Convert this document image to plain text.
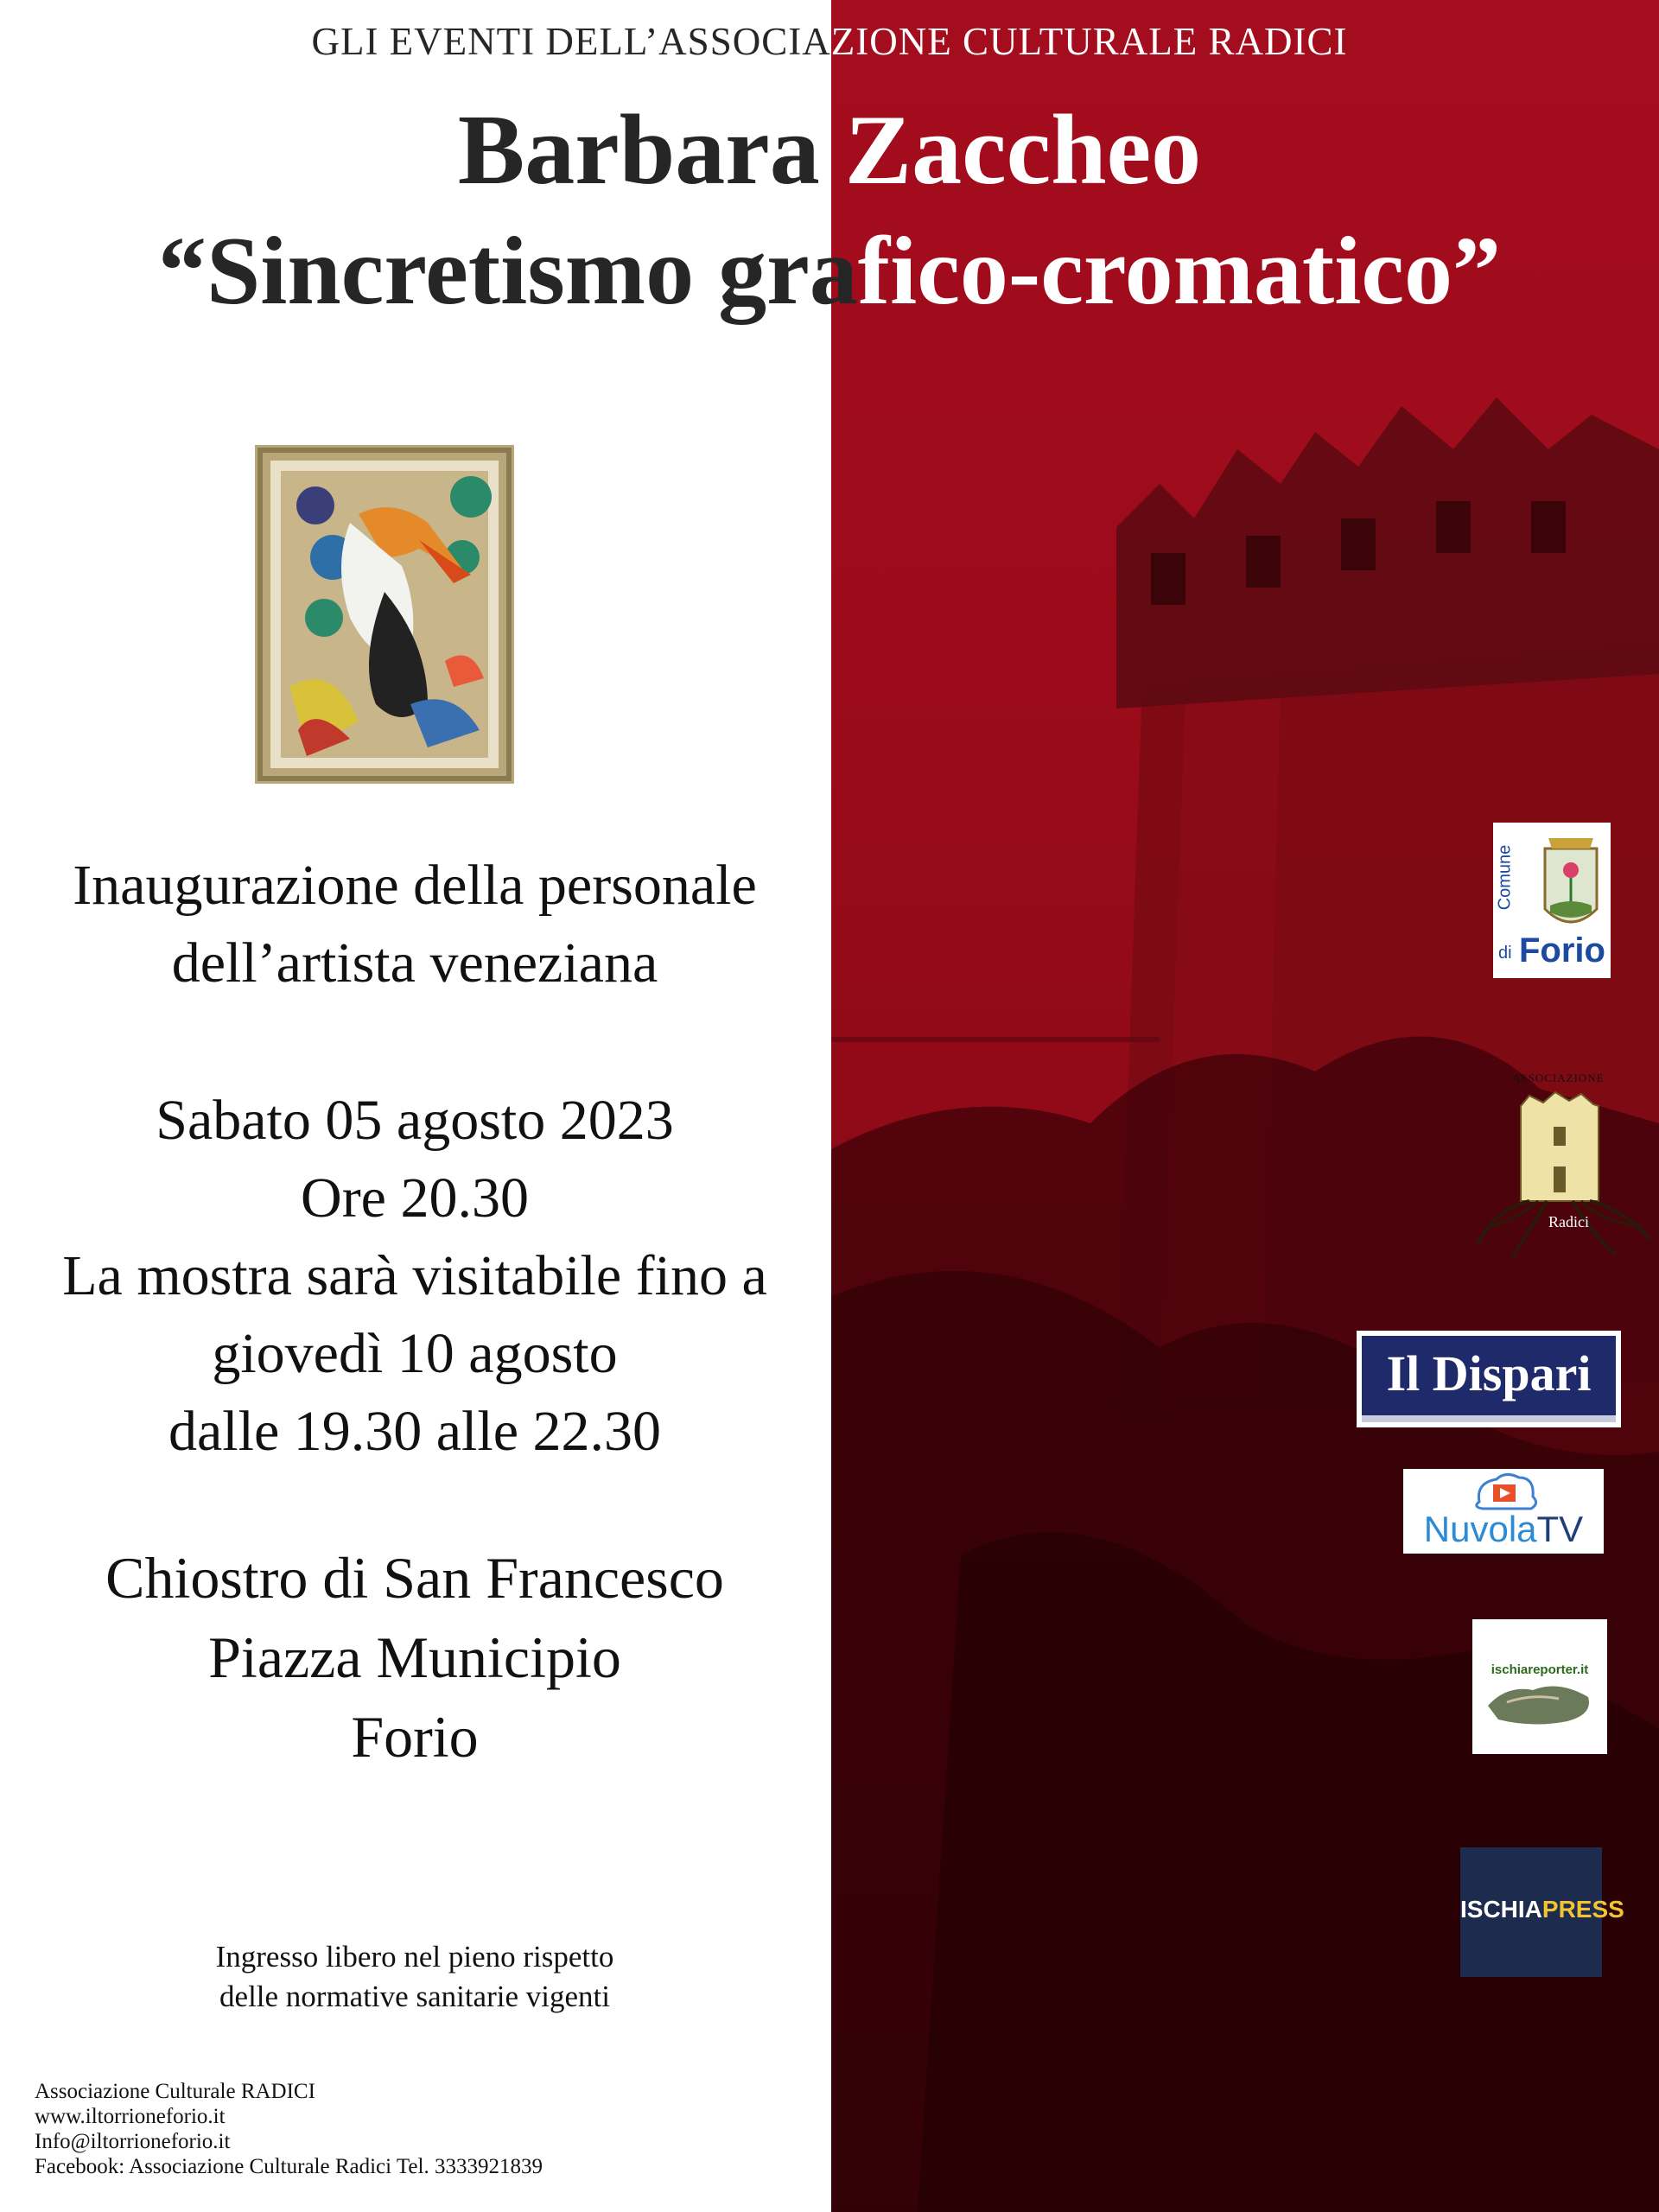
GLI EVENTI DELL’ASSOCIAZIONE CULTURALE RADICI
Barbara Zaccheo
“Sincretismo grafico-cromatico”
Inaugurazione della personale
dell’artista veneziana
Sabato 05 agosto 2023
Ore 20.30
La mostra sarà visitabile fino a
giovedì 10 agosto
dalle 19.30 alle 22.30
Chiostro di San Francesco
Piazza Municipio
Forio
Ingresso libero nel pieno rispetto
delle normative sanitarie vigenti
Associazione Culturale RADICI
www.iltorrioneforio.it
Info@iltorrioneforio.it
Facebook: Associazione Culturale Radici Tel. 3333921839
Comune
di Forio
ASSOCIAZIONE
Radici
Il Dispari
NuvolaTV
ischiareporter.it
ISCHIAPRESS
